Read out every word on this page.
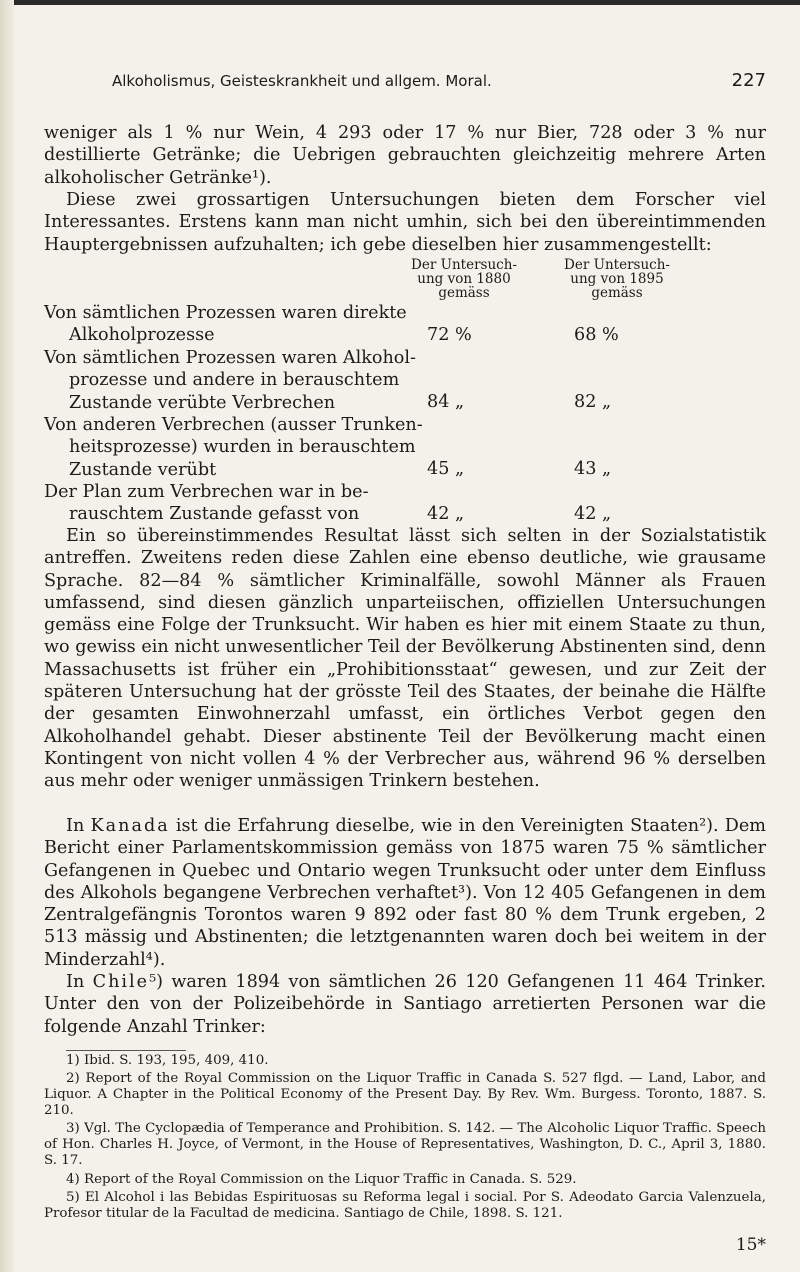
Alkoholismus, Geisteskrankheit und allgem. Moral.	227

weniger als 1 % nur Wein, 4 293 oder 17 % nur Bier, 728 oder 3 % nur destillierte Getränke; die Uebrigen gebrauchten gleichzeitig mehrere Arten alkoholischer Getränke¹).

Diese zwei grossartigen Untersuchungen bieten dem Forscher viel Interessantes. Erstens kann man nicht umhin, sich bei den übereintimmenden Hauptergebnissen aufzuhalten; ich gebe dieselben hier zusammengestellt:

Der Untersuch-ung von 1880 gemäss
Der Untersuch-ung von 1895 gemäss
Von sämtlichen Prozessen waren direkte
Alkoholprozesse	72 %	68 %
Von sämtlichen Prozessen waren Alkohol-
prozesse und andere in berauschtem
Zustande verübte Verbrechen	84 „	82 „
Von anderen Verbrechen (ausser Trunken-
heitsprozesse) wurden in berauschtem
Zustande verübt	45 „	43 „
Der Plan zum Verbrechen war in be-
rauschtem Zustande gefasst von	42 „	42 „

Ein so übereinstimmendes Resultat lässt sich selten in der Sozialstatistik antreffen. Zweitens reden diese Zahlen eine ebenso deutliche, wie grausame Sprache. 82—84 % sämtlicher Kriminalfälle, sowohl Männer als Frauen umfassend, sind diesen gänzlich unparteiischen, offiziellen Untersuchungen gemäss eine Folge der Trunksucht. Wir haben es hier mit einem Staate zu thun, wo gewiss ein nicht unwesentlicher Teil der Bevölkerung Abstinenten sind, denn Massachusetts ist früher ein „Prohibitionsstaat“ gewesen, und zur Zeit der späteren Untersuchung hat der grösste Teil des Staates, der beinahe die Hälfte der gesamten Einwohnerzahl umfasst, ein örtliches Verbot gegen den Alkoholhandel gehabt. Dieser abstinente Teil der Bevölkerung macht einen Kontingent von nicht vollen 4 % der Verbrecher aus, während 96 % derselben aus mehr oder weniger unmässigen Trinkern bestehen.

In Kanada ist die Erfahrung dieselbe, wie in den Vereinigten Staaten²). Dem Bericht einer Parlamentskommission gemäss von 1875 waren 75 % sämtlicher Gefangenen in Quebec und Ontario wegen Trunksucht oder unter dem Einfluss des Alkohols begangene Verbrechen verhaftet³). Von 12 405 Gefangenen in dem Zentralgefängnis Torontos waren 9 892 oder fast 80 % dem Trunk ergeben, 2 513 mässig und Abstinenten; die letztgenannten waren doch bei weitem in der Minderzahl⁴).

In Chile⁵) waren 1894 von sämtlichen 26 120 Gefangenen 11 464 Trinker. Unter den von der Polizeibehörde in Santiago arretierten Personen war die folgende Anzahl Trinker:

1) Ibid. S. 193, 195, 409, 410.

2) Report of the Royal Commission on the Liquor Traffic in Canada S. 527 flgd. — Land, Labor, and Liquor. A Chapter in the Political Economy of the Present Day. By Rev. Wm. Burgess. Toronto, 1887. S. 210.

3) Vgl. The Cyclopædia of Temperance and Prohibition. S. 142. — The Alcoholic Liquor Traffic. Speech of Hon. Charles H. Joyce, of Vermont, in the House of Representatives, Washington, D. C., April 3, 1880. S. 17.

4) Report of the Royal Commission on the Liquor Traffic in Canada. S. 529.

5) El Alcohol i las Bebidas Espirituosas su Reforma legal i social. Por S. Adeodato Garcia Valenzuela, Profesor titular de la Facultad de medicina. Santiago de Chile, 1898. S. 121.

15*
